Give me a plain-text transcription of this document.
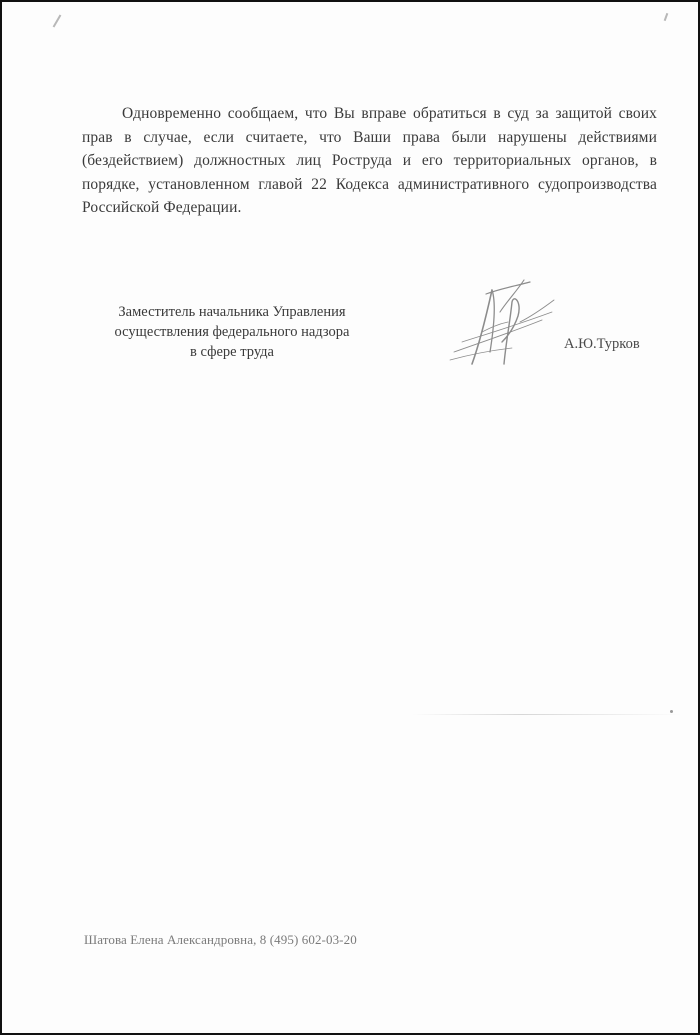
Одновременно сообщаем, что Вы вправе обратиться в суд за защитой своих прав в случае, если считаете, что Ваши права были нарушены действиями (бездействием) должностных лиц Роструда и его территориальных органов, в порядке, установленном главой 22 Кодекса административного судопроизводства Российской Федерации.

Заместитель начальника Управления
осуществления федерального надзора
в сфере труда	А.Ю.Турков
Шатова Елена Александровна, 8 (495) 602-03-20
